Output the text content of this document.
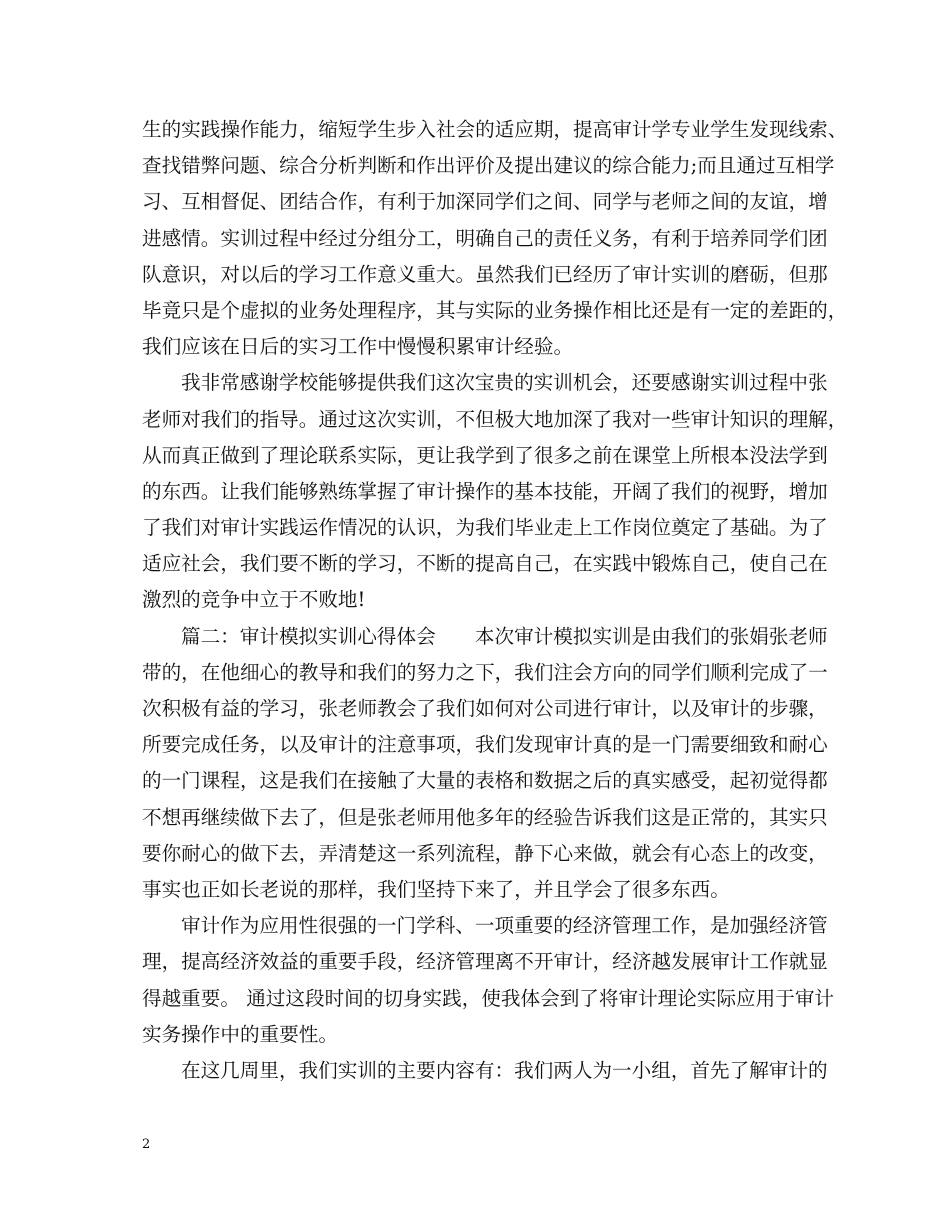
生的实践操作能力，缩短学生步入社会的适应期，提高审计学专业学生发现线索、
查找错弊问题、综合分析判断和作出评价及提出建议的综合能力;而且通过互相学
习、互相督促、团结合作，有利于加深同学们之间、同学与老师之间的友谊，增
进感情。实训过程中经过分组分工，明确自己的责任义务，有利于培养同学们团
队意识，对以后的学习工作意义重大。虽然我们已经历了审计实训的磨砺，但那
毕竟只是个虚拟的业务处理程序，其与实际的业务操作相比还是有一定的差距的，
我们应该在日后的实习工作中慢慢积累审计经验。
我非常感谢学校能够提供我们这次宝贵的实训机会，还要感谢实训过程中张
老师对我们的指导。通过这次实训，不但极大地加深了我对一些审计知识的理解，
从而真正做到了理论联系实际，更让我学到了很多之前在课堂上所根本没法学到
的东西。让我们能够熟练掌握了审计操作的基本技能，开阔了我们的视野，增加
了我们对审计实践运作情况的认识，为我们毕业走上工作岗位奠定了基础。为了
适应社会，我们要不断的学习，不断的提高自己，在实践中锻炼自己，使自己在
激烈的竞争中立于不败地!
篇二：审计模拟实训心得体会　　本次审计模拟实训是由我们的张娟张老师
带的，在他细心的教导和我们的努力之下，我们注会方向的同学们顺利完成了一
次积极有益的学习，张老师教会了我们如何对公司进行审计，以及审计的步骤，
所要完成任务，以及审计的注意事项，我们发现审计真的是一门需要细致和耐心
的一门课程，这是我们在接触了大量的表格和数据之后的真实感受，起初觉得都
不想再继续做下去了，但是张老师用他多年的经验告诉我们这是正常的，其实只
要你耐心的做下去，弄清楚这一系列流程，静下心来做，就会有心态上的改变，
事实也正如长老说的那样，我们坚持下来了，并且学会了很多东西。
审计作为应用性很强的一门学科、一项重要的经济管理工作，是加强经济管
理，提高经济效益的重要手段，经济管理离不开审计，经济越发展审计工作就显
得越重要。 通过这段时间的切身实践，使我体会到了将审计理论实际应用于审计
实务操作中的重要性。
在这几周里，我们实训的主要内容有：我们两人为一小组，首先了解审计的
2
